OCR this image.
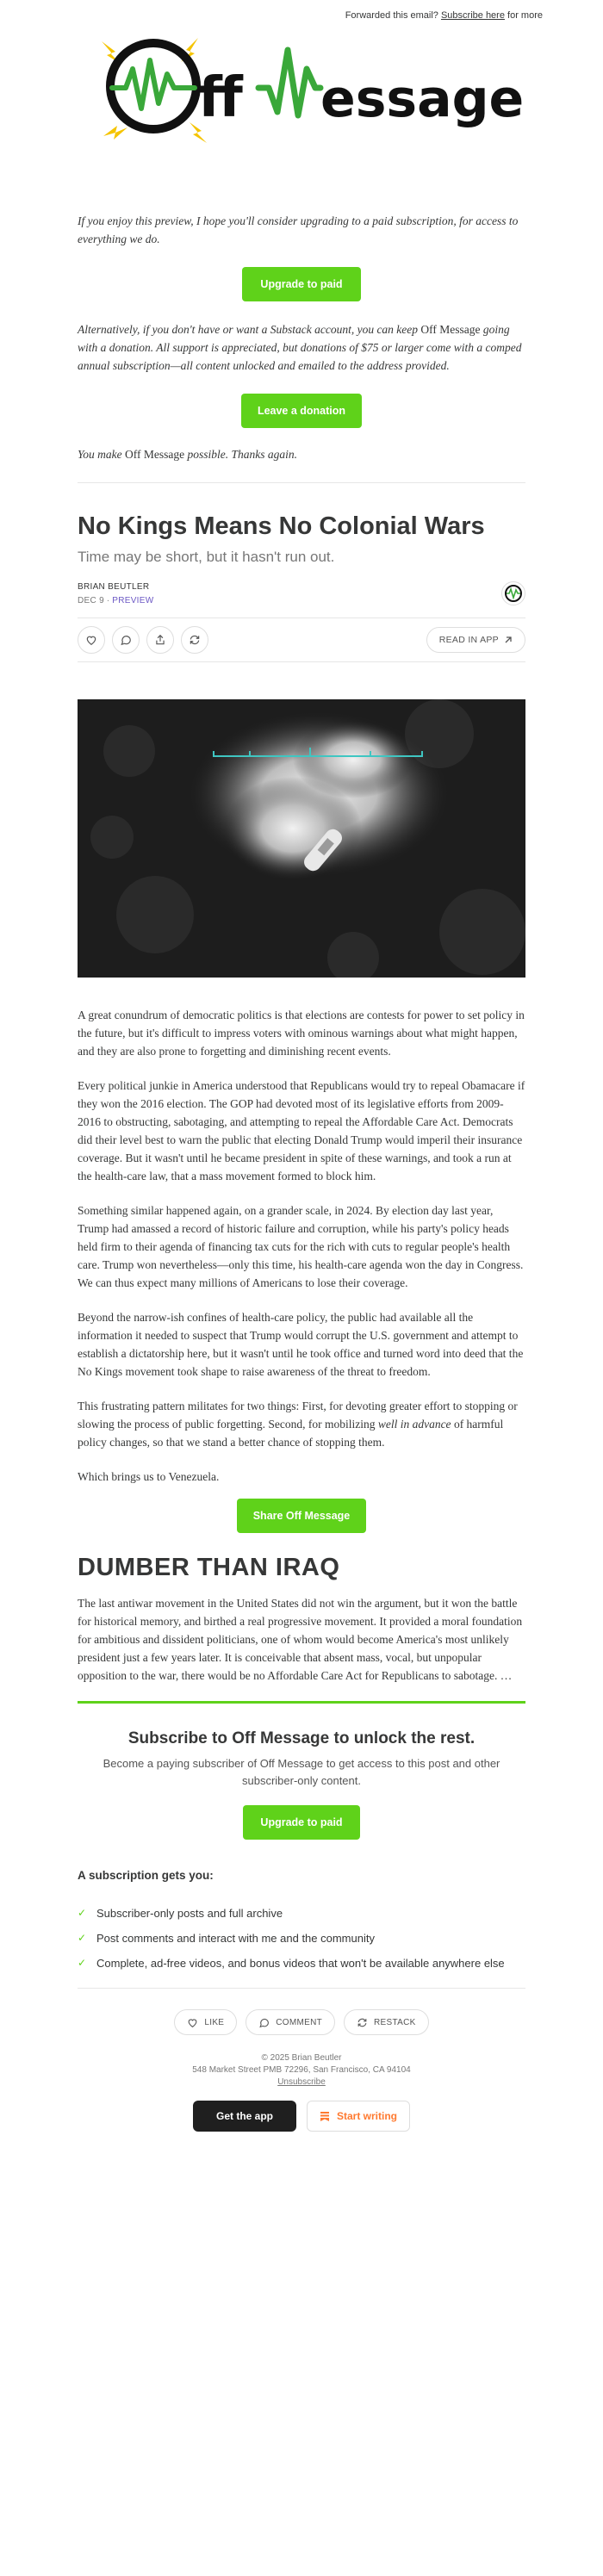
Forwarded this email? Subscribe here for more
ff essage

If you enjoy this preview, I hope you'll consider upgrading to a paid subscription, for access to everything we do.

Upgrade to paid

Alternatively, if you don't have or want a Substack account, you can keep Off Message going with a donation. All support is appreciated, but donations of $75 or larger come with a comped annual subscription—all content unlocked and emailed to the address provided.

Leave a donation

You make Off Message possible. Thanks again.

No Kings Means No Colonial Wars
Time may be short, but it hasn't run out.
BRIAN BEUTLER
DEC 9 ∙ PREVIEW
READ IN APP

A great conundrum of democratic politics is that elections are contests for power to set policy in the future, but it's difficult to impress voters with ominous warnings about what might happen, and they are also prone to forgetting and diminishing recent events.

Every political junkie in America understood that Republicans would try to repeal Obamacare if they won the 2016 election. The GOP had devoted most of its legislative efforts from 2009-2016 to obstructing, sabotaging, and attempting to repeal the Affordable Care Act. Democrats did their level best to warn the public that electing Donald Trump would imperil their insurance coverage. But it wasn't until he became president in spite of these warnings, and took a run at the health-care law, that a mass movement formed to block him.

Something similar happened again, on a grander scale, in 2024. By election day last year, Trump had amassed a record of historic failure and corruption, while his party's policy heads held firm to their agenda of financing tax cuts for the rich with cuts to regular people's health care. Trump won nevertheless—only this time, his health-care agenda won the day in Congress. We can thus expect many millions of Americans to lose their coverage.

Beyond the narrow-ish confines of health-care policy, the public had available all the information it needed to suspect that Trump would corrupt the U.S. government and attempt to establish a dictatorship here, but it wasn't until he took office and turned word into deed that the No Kings movement took shape to raise awareness of the threat to freedom.

This frustrating pattern militates for two things: First, for devoting greater effort to stopping or slowing the process of public forgetting. Second, for mobilizing well in advance of harmful policy changes, so that we stand a better chance of stopping them.

Which brings us to Venezuela.

Share Off Message
DUMBER THAN IRAQ

The last antiwar movement in the United States did not win the argument, but it won the battle for historical memory, and birthed a real progressive movement. It provided a moral foundation for ambitious and dissident politicians, one of whom would become America's most unlikely president just a few years later. It is conceivable that absent mass, vocal, but unpopular opposition to the war, there would be no Affordable Care Act for Republicans to sabotage. …

Subscribe to Off Message to unlock the rest.

Become a paying subscriber of Off Message to get access to this post and other subscriber-only content.

Upgrade to paid
A subscription gets you:
✓ Subscriber-only posts and full archive
✓ Post comments and interact with me and the community
✓ Complete, ad-free videos, and bonus videos that won't be available anywhere else
LIKE	COMMENT	RESTACK
© 2025 Brian Beutler
548 Market Street PMB 72296, San Francisco, CA 94104
Unsubscribe
Get the app	Start writing
